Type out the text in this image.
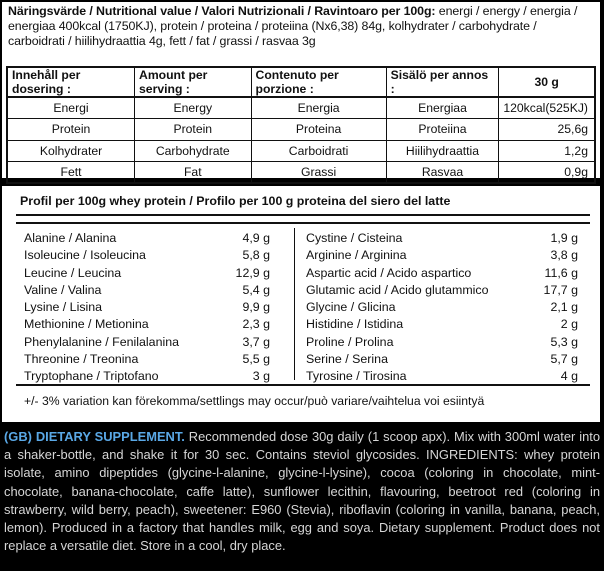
Näringsvärde / Nutritional value / Valori Nutrizionali / Ravintoaro per 100g: energi / energy / energia / energiaa 400kcal (1750KJ), protein / proteina / proteiina (Nx6,38) 84g, kolhydrater / carbohydrate / carboidrati / hiilihydraattia 4g, fett / fat / grassi / rasvaa 3g
Innehåll per dosering :	Amount per serving :	Contenuto per porzione :	Sisälö per annos :	30 g
Energi	Energy	Energia	Energiaa	120kcal(525KJ)
Protein	Protein	Proteina	Proteiina	25,6g
Kolhydrater	Carbohydrate	Carboidrati	Hiilihydraattia	1,2g
Fett	Fat	Grassi	Rasvaa	0,9g
Profil per 100g whey protein / Profilo per 100 g proteina del siero del latte
Alanine / Alanina	4,9 g
Isoleucine / Isoleucina	5,8 g
Leucine / Leucina	12,9 g
Valine / Valina	5,4 g
Lysine / Lisina	9,9 g
Methionine / Metionina	2,3 g
Phenylalanine / Fenilalanina	3,7 g
Threonine / Treonina	5,5 g
Tryptophane / Triptofano	3 g
Cystine / Cisteina	1,9 g
Arginine / Arginina	3,8 g
Aspartic acid / Acido aspartico	11,6 g
Glutamic acid / Acido glutammico	17,7 g
Glycine / Glicina	2,1 g
Histidine / Istidina	2 g
Proline / Prolina	5,3 g
Serine / Serina	5,7 g
Tyrosine / Tirosina	4 g
+/- 3% variation kan förekomma/settlings may occur/può variare/vaihtelua voi esiintyä
(GB) DIETARY SUPPLEMENT. Recommended dose 30g daily (1 scoop apx). Mix with 300ml water into a shaker-bottle, and shake it for 30 sec. Contains steviol glycosides. INGREDIENTS: whey protein isolate, amino dipeptides (glycine-l-alanine, glycine-l-lysine), cocoa (coloring in chocolate, mint-chocolate, banana-chocolate, caffe latte), sunflower lecithin, flavouring, beetroot red (coloring in strawberry, wild berry, peach), sweetener: E960 (Stevia), riboflavin (coloring in vanilla, banana, peach, lemon). Produced in a factory that handles milk, egg and soya. Dietary supplement. Product does not replace a versatile diet. Store in a cool, dry place.
